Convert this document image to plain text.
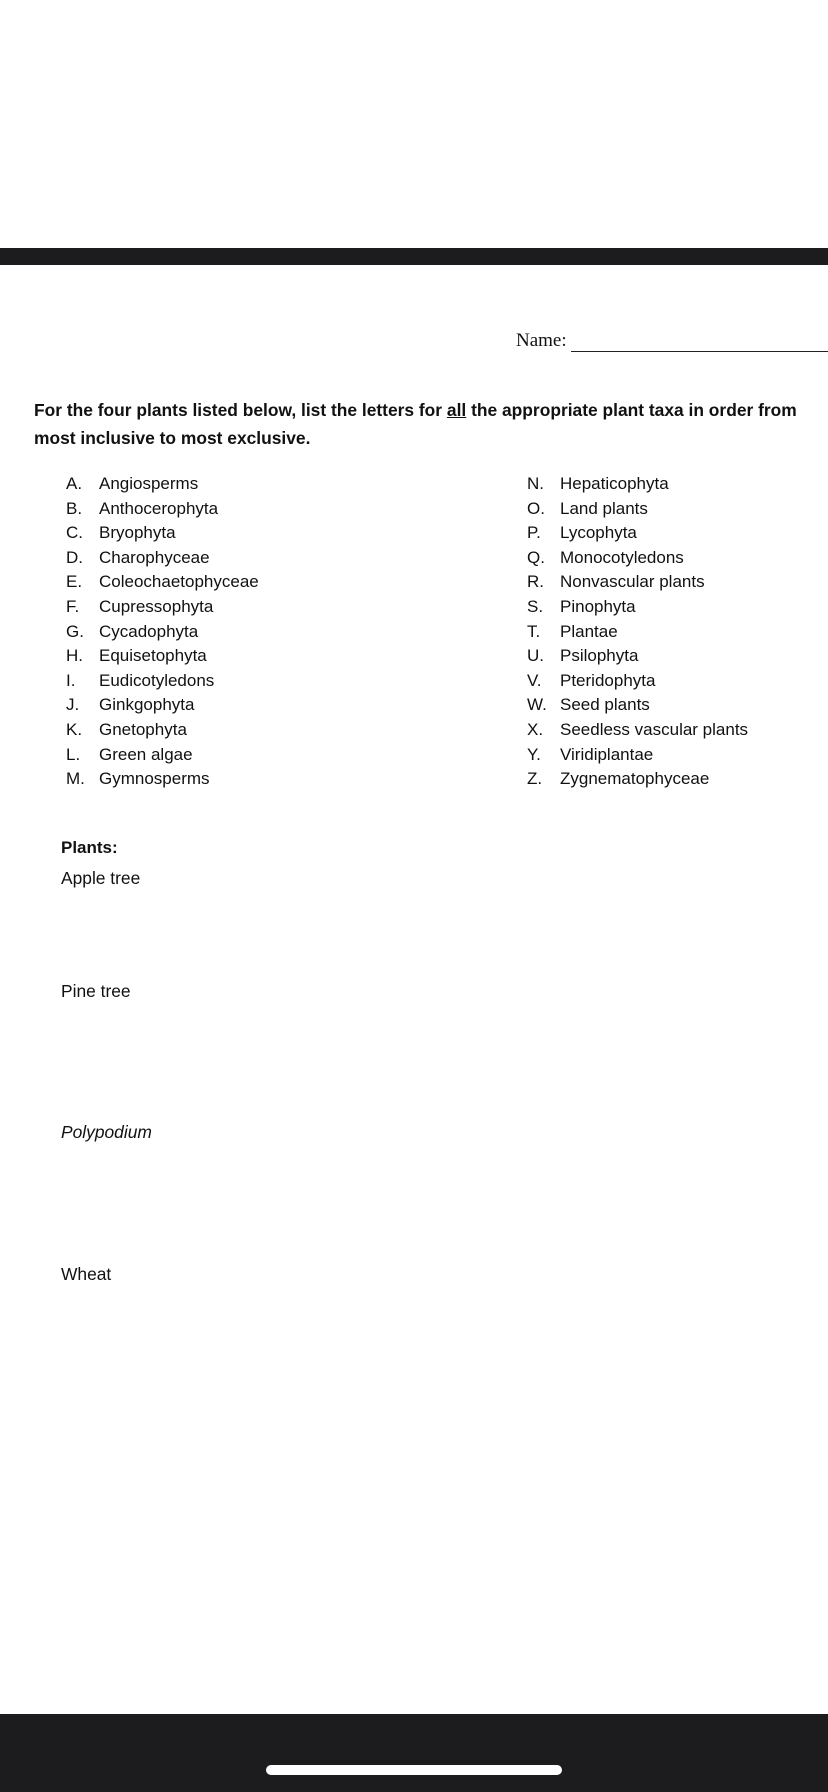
Name:
For the four plants listed below, list the letters for all the appropriate plant taxa in order from most inclusive to most exclusive.
A. Angiosperms
B. Anthocerophyta
C. Bryophyta
D. Charophyceae
E. Coleochaetophyceae
F.	Cupressophyta
G. Cycadophyta
H. Equisetophyta
I.	Eudicotyledons
J.	Ginkgophyta
K. Gnetophyta
L.	Green algae
M. Gymnosperms
N. Hepaticophyta
O. Land plants
P.	Lycophyta
Q. Monocotyledons
R. Nonvascular plants
S. Pinophyta
T.	Plantae
U. Psilophyta
V.	Pteridophyta
W. Seed plants
X. Seedless vascular plants
Y.	Viridiplantae
Z.	Zygnematophyceae
Plants:
Apple tree
Pine tree
Polypodium
Wheat
